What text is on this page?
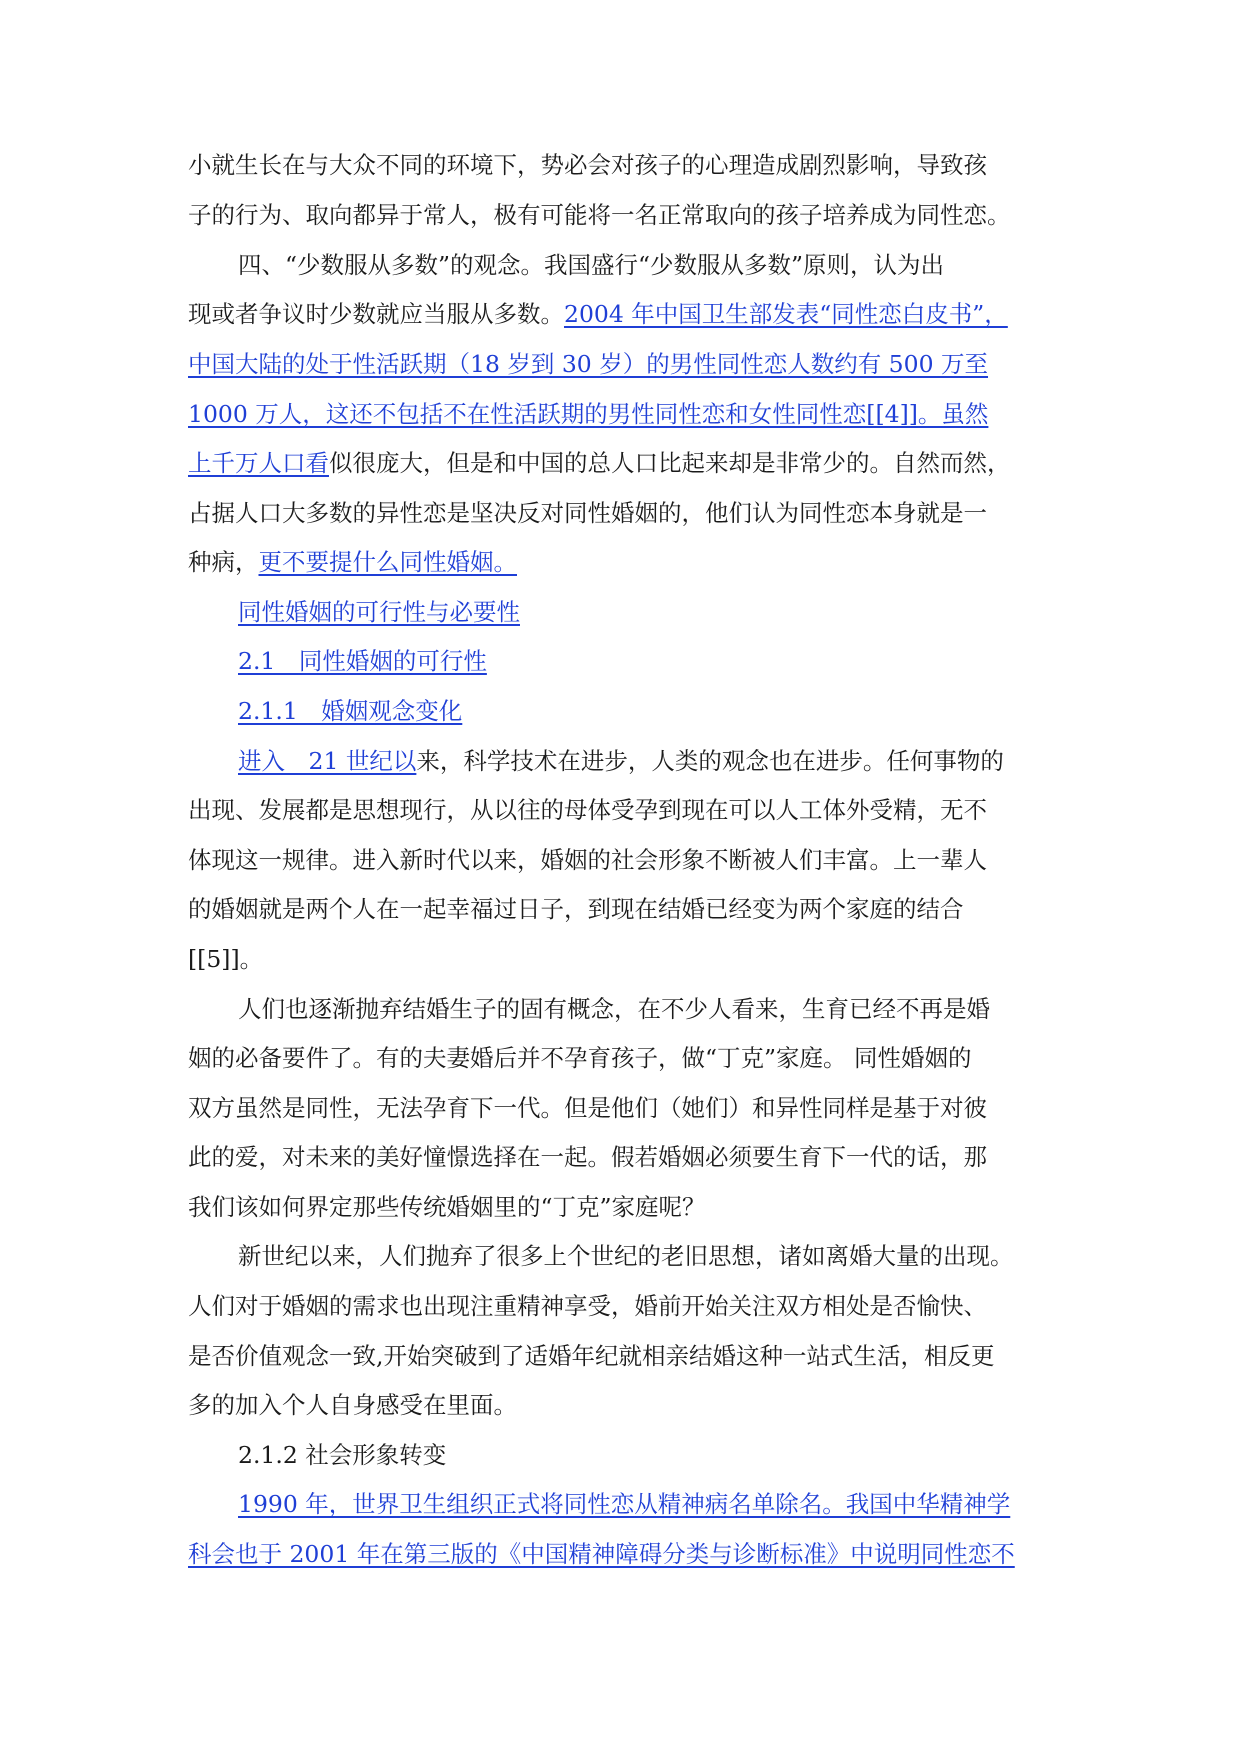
小就生长在与大众不同的环境下，势必会对孩子的心理造成剧烈影响，导致孩
子的行为、取向都异于常人，极有可能将一名正常取向的孩子培养成为同性恋。
四、“少数服从多数”的观念。我国盛行“少数服从多数”原则，认为出
现或者争议时少数就应当服从多数。2004 年中国卫生部发表“同性恋白皮书”，
中国大陆的处于性活跃期（18 岁到 30 岁）的男性同性恋人数约有 500 万至
1000 万人，这还不包括不在性活跃期的男性同性恋和女性同性恋[[4]]。虽然
上千万人口看似很庞大，但是和中国的总人口比起来却是非常少的。自然而然，
占据人口大多数的异性恋是坚决反对同性婚姻的，他们认为同性恋本身就是一
种病，更不要提什么同性婚姻。
同性婚姻的可行性与必要性
2.1　同性婚姻的可行性
2.1.1　婚姻观念变化
进入　21 世纪以来，科学技术在进步，人类的观念也在进步。任何事物的
出现、发展都是思想现行，从以往的母体受孕到现在可以人工体外受精，无不
体现这一规律。进入新时代以来，婚姻的社会形象不断被人们丰富。上一辈人
的婚姻就是两个人在一起幸福过日子，到现在结婚已经变为两个家庭的结合
[[5]]。
人们也逐渐抛弃结婚生子的固有概念，在不少人看来，生育已经不再是婚
姻的必备要件了。有的夫妻婚后并不孕育孩子，做“丁克”家庭。 同性婚姻的
双方虽然是同性，无法孕育下一代。但是他们（她们）和异性同样是基于对彼
此的爱，对未来的美好憧憬选择在一起。假若婚姻必须要生育下一代的话，那
我们该如何界定那些传统婚姻里的“丁克”家庭呢？
新世纪以来，人们抛弃了很多上个世纪的老旧思想，诸如离婚大量的出现。
人们对于婚姻的需求也出现注重精神享受，婚前开始关注双方相处是否愉快、
是否价值观念一致,开始突破到了适婚年纪就相亲结婚这种一站式生活，相反更
多的加入个人自身感受在里面。
2.1.2 社会形象转变
1990 年，世界卫生组织正式将同性恋从精神病名单除名。我国中华精神学
科会也于 2001 年在第三版的《中国精神障碍分类与诊断标准》中说明同性恋不
